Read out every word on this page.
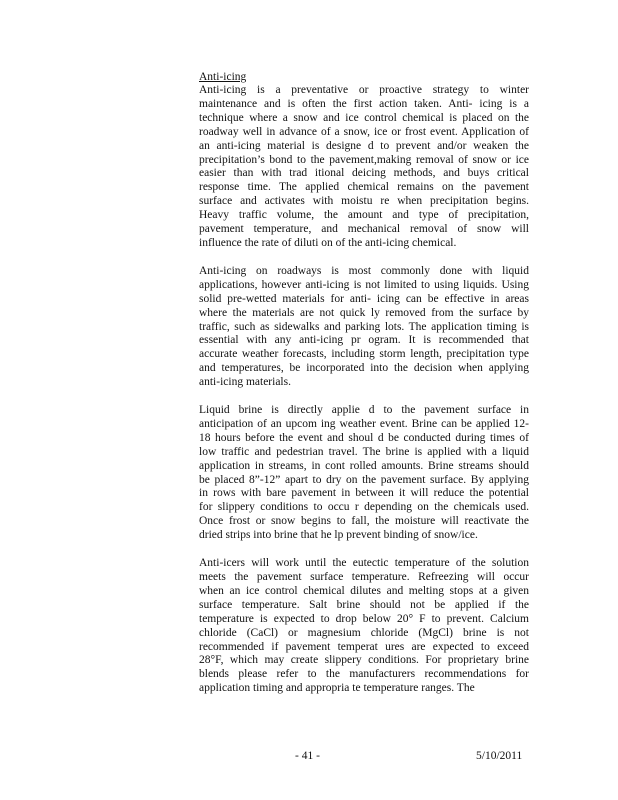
Anti-icing
Anti-icing is a preventative or proactive strategy to winter
maintenance and is often the first action taken. Anti- icing is a
technique where a snow and ice control chemical is placed on the
roadway well in advance of a snow, ice or frost event. Application of
an anti-icing material is designe d to prevent and/or weaken the
precipitation’s bond to the pavement,making removal of snow or ice
easier than with trad itional deicing methods, and buys critical
response time. The applied chemical remains on the pavement
surface and activates with moistu re when precipitation begins.
Heavy traffic volume, the amount and type of precipitation,
pavement temperature, and mechanical removal of snow will
influence the rate of diluti on of the anti-icing chemical.
Anti-icing on roadways is most commonly done with liquid
applications, however anti-icing is not limited to using liquids. Using
solid pre-wetted materials for anti- icing can be effective in areas
where the materials are not quick ly removed from the surface by
traffic, such as sidewalks and parking lots. The application timing is
essential with any anti-icing pr ogram. It is recommended that
accurate weather forecasts, including storm length, precipitation type
and temperatures, be incorporated into the decision when applying
anti-icing materials.
Liquid brine is directly applie d to the pavement surface in
anticipation of an upcom ing weather event. Brine can be applied 12-
18 hours before the event and shoul d be conducted during times of
low traffic and pedestrian travel. The brine is applied with a liquid
application in streams, in cont rolled amounts. Brine streams should
be placed 8”-12” apart to dry on the pavement surface. By applying
in rows with bare pavement in between it will reduce the potential
for slippery conditions to occu r depending on the chemicals used.
Once frost or snow begins to fall, the moisture will reactivate the
dried strips into brine that he lp prevent binding of snow/ice.
Anti-icers will work until the eutectic temperature of the solution
meets the pavement surface temperature. Refreezing will occur
when an ice control chemical dilutes and melting stops at a given
surface temperature. Salt brine should not be applied if the
temperature is expected to drop below 20° F to prevent. Calcium
chloride (CaCl) or magnesium chloride (MgCl) brine is not
recommended if pavement temperat ures are expected to exceed
28°F, which may create slippery conditions. For proprietary brine
blends please refer to the manufacturers recommendations for
application timing and appropria te temperature ranges. The
- 41 -	5/10/2011
